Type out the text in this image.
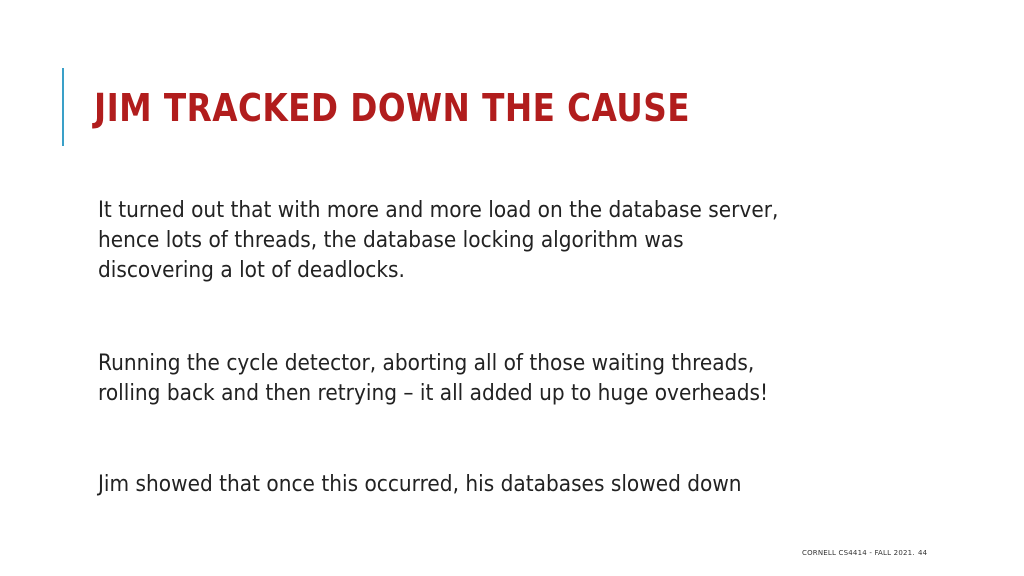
JIM TRACKED DOWN THE CAUSE
It turned out that with more and more load on the database server,
hence lots of threads, the database locking algorithm was
discovering a lot of deadlocks.
Running the cycle detector, aborting all of those waiting threads,
rolling back and then retrying – it all added up to huge overheads!
Jim showed that once this occurred, his databases slowed down
CORNELL CS4414 - FALL 2021. 44
